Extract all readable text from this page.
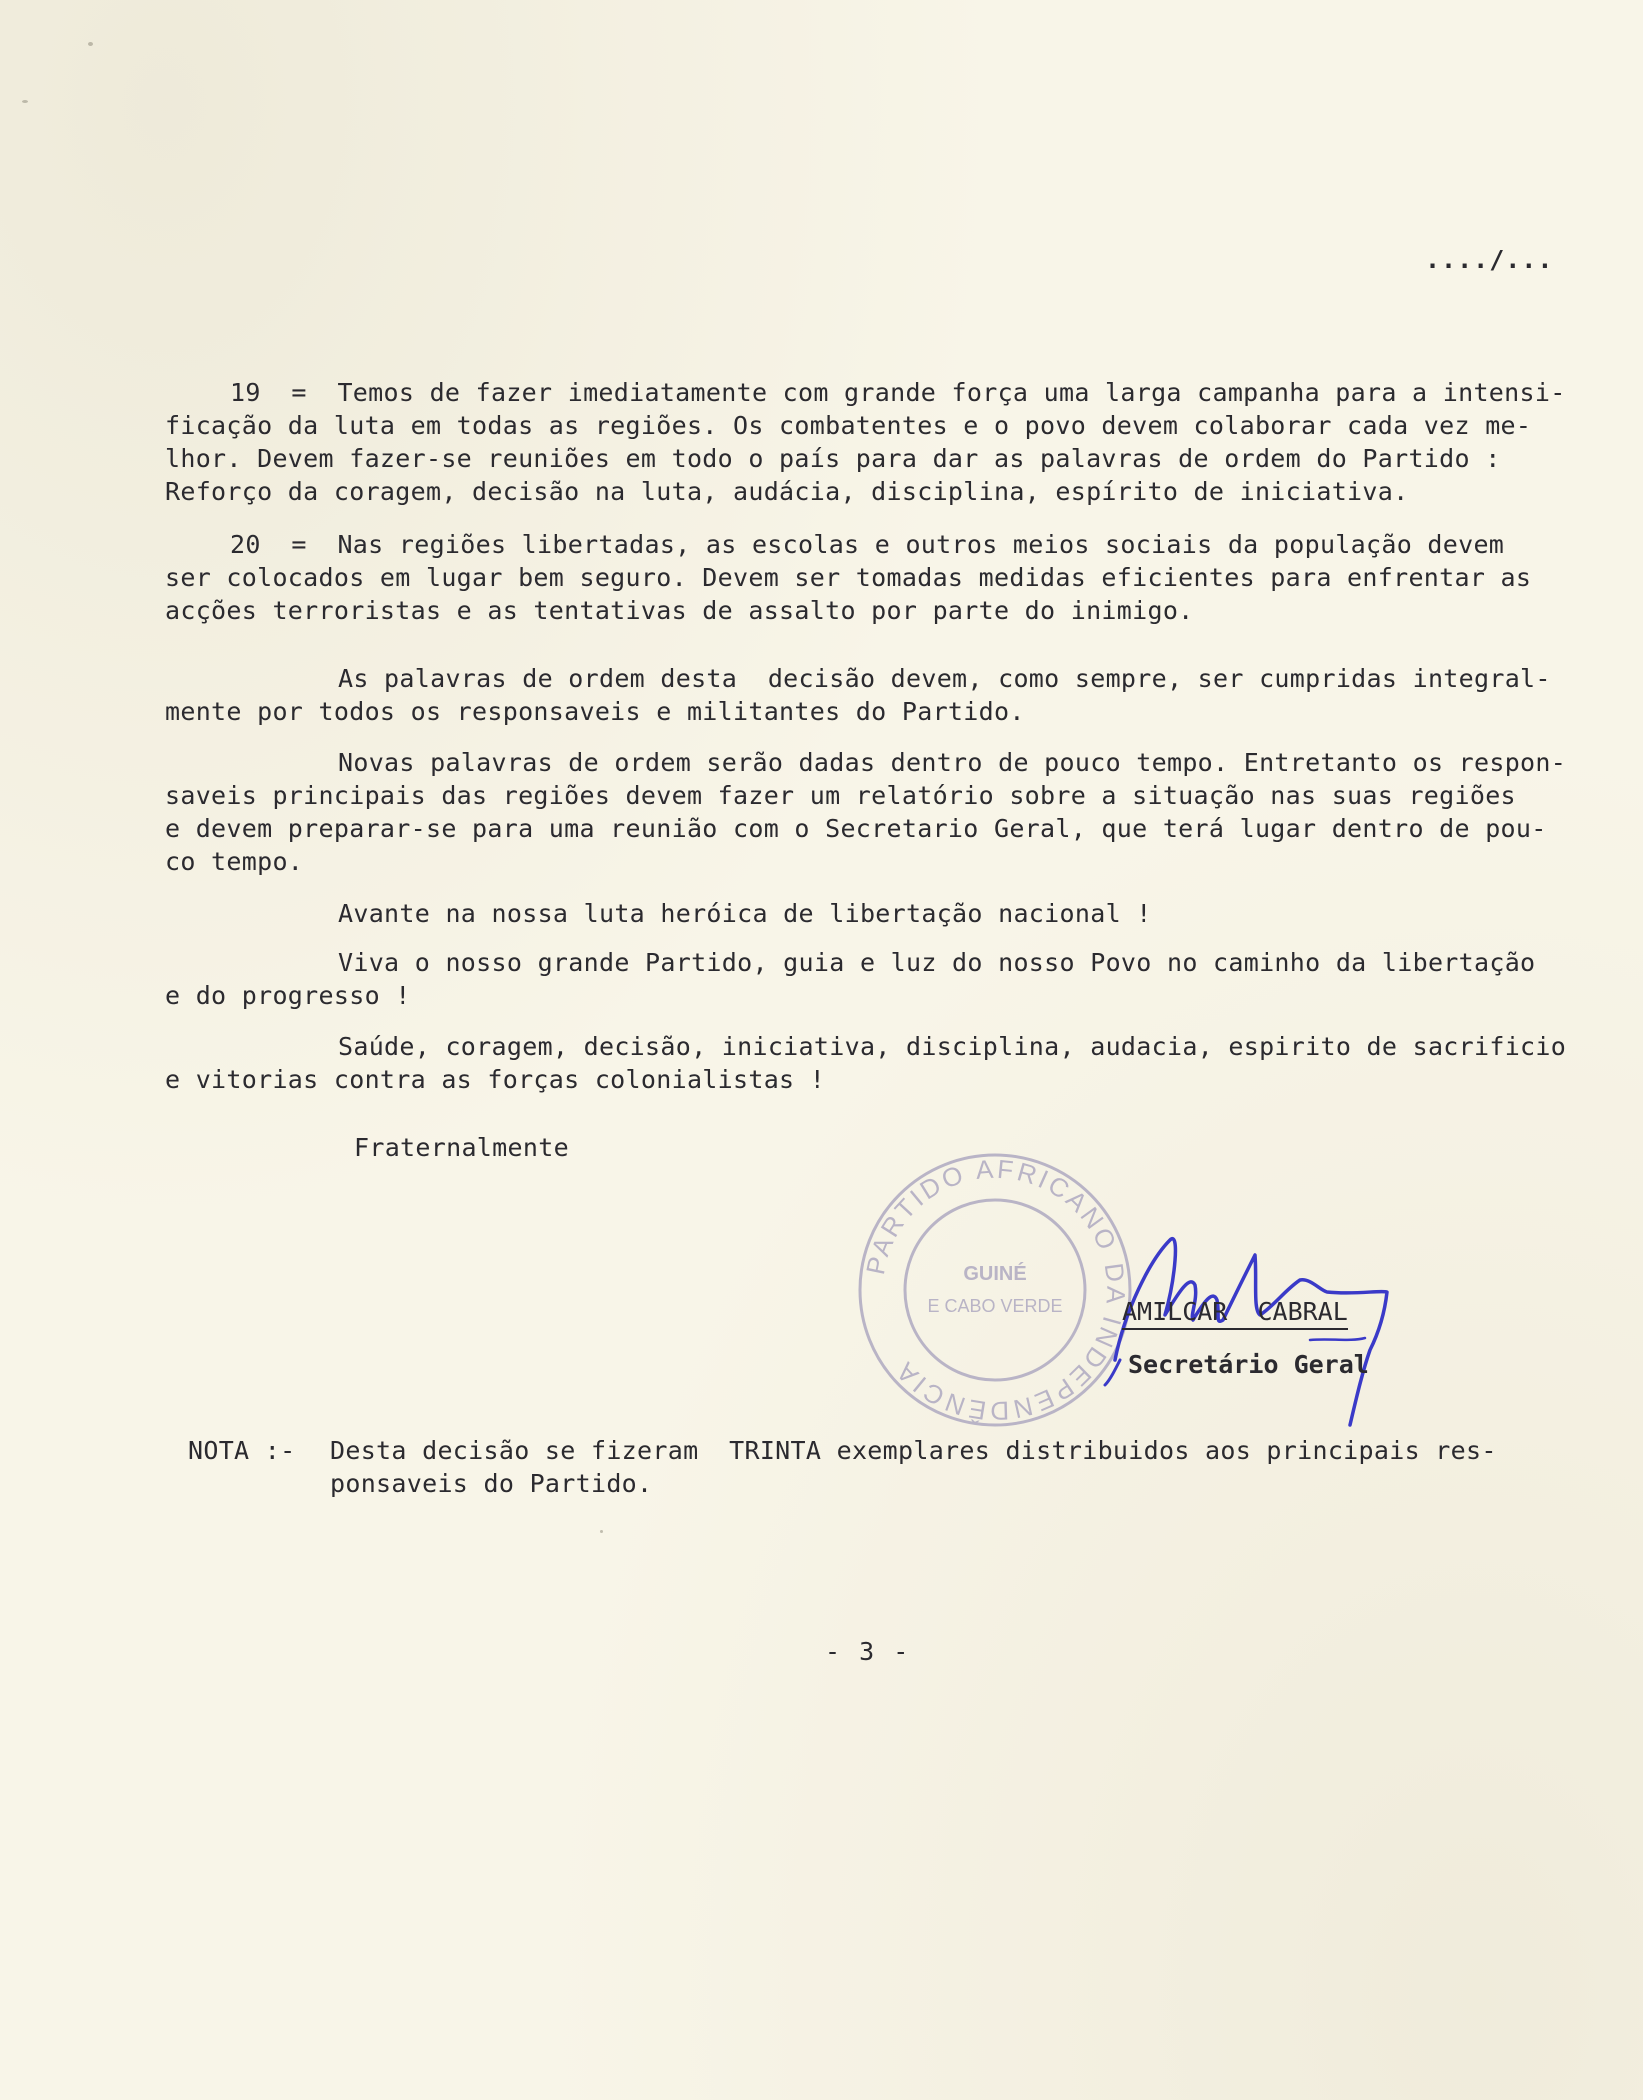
..../...
19  =  Temos de fazer imediatamente com grande força uma larga campanha para a intensi-
ficação da luta em todas as regiões. Os combatentes e o povo devem colaborar cada vez me-
lhor. Devem fazer-se reuniões em todo o país para dar as palavras de ordem do Partido :
Reforço da coragem, decisão na luta, audácia, disciplina, espírito de iniciativa.
20  =  Nas regiões libertadas, as escolas e outros meios sociais da população devem
ser colocados em lugar bem seguro. Devem ser tomadas medidas eficientes para enfrentar as
acções terroristas e as tentativas de assalto por parte do inimigo.
As palavras de ordem desta  decisão devem, como sempre, ser cumpridas integral-
mente por todos os responsaveis e militantes do Partido.
Novas palavras de ordem serão dadas dentro de pouco tempo. Entretanto os respon-
saveis principais das regiões devem fazer um relatório sobre a situação nas suas regiões
e devem preparar-se para uma reunião com o Secretario Geral, que terá lugar dentro de pou-
co tempo.
Avante na nossa luta heróica de libertação nacional !
Viva o nosso grande Partido, guia e luz do nosso Povo no caminho da libertação
e do progresso !
Saúde, coragem, decisão, iniciativa, disciplina, audacia, espirito de sacrificio
e vitorias contra as forças colonialistas !
Fraternalmente
PARTIDO AFRICANO DA INDEPENDÊNCIA
GUINÉ
E CABO VERDE AMILCAR  CABRAL
Secretário Geral
NOTA :- Desta decisão se fizeram  TRINTA exemplares distribuidos aos principais res-
ponsaveis do Partido.
- 3 -
